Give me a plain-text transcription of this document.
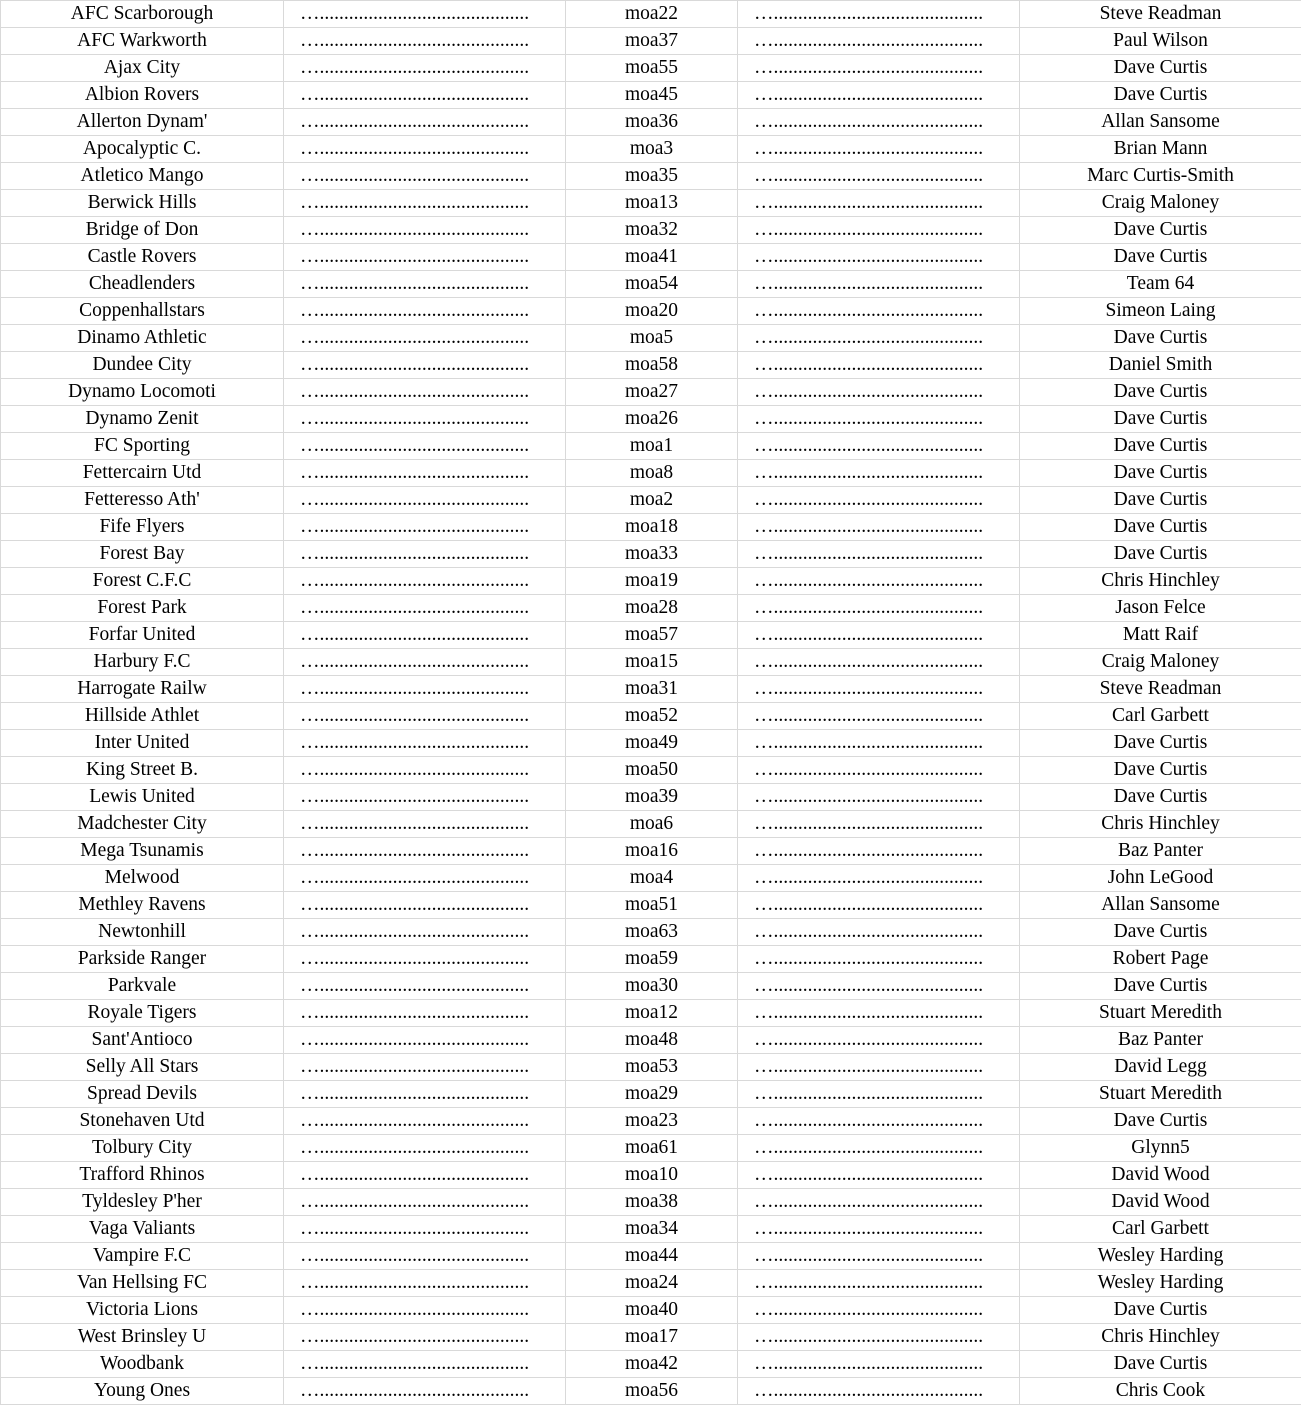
AFC Scarborough	…...........................................	moa22	…...........................................	Steve Readman
AFC Warkworth	…...........................................	moa37	…...........................................	Paul Wilson
Ajax City	…...........................................	moa55	…...........................................	Dave Curtis
Albion Rovers	…...........................................	moa45	…...........................................	Dave Curtis
Allerton Dynam'	…...........................................	moa36	…...........................................	Allan Sansome
Apocalyptic C.	…...........................................	moa3	…...........................................	Brian Mann
Atletico Mango	…...........................................	moa35	…...........................................	Marc Curtis-Smith
Berwick Hills	…...........................................	moa13	…...........................................	Craig Maloney
Bridge of Don	…...........................................	moa32	…...........................................	Dave Curtis
Castle Rovers	…...........................................	moa41	…...........................................	Dave Curtis
Cheadlenders	…...........................................	moa54	…...........................................	Team 64
Coppenhallstars	…...........................................	moa20	…...........................................	Simeon Laing
Dinamo Athletic	…...........................................	moa5	…...........................................	Dave Curtis
Dundee City	…...........................................	moa58	…...........................................	Daniel Smith
Dynamo Locomoti	…...........................................	moa27	…...........................................	Dave Curtis
Dynamo Zenit	…...........................................	moa26	…...........................................	Dave Curtis
FC Sporting	…...........................................	moa1	…...........................................	Dave Curtis
Fettercairn Utd	…...........................................	moa8	…...........................................	Dave Curtis
Fetteresso Ath'	…...........................................	moa2	…...........................................	Dave Curtis
Fife Flyers	…...........................................	moa18	…...........................................	Dave Curtis
Forest Bay	…...........................................	moa33	…...........................................	Dave Curtis
Forest C.F.C	…...........................................	moa19	…...........................................	Chris Hinchley
Forest Park	…...........................................	moa28	…...........................................	Jason Felce
Forfar United	…...........................................	moa57	…...........................................	Matt Raif
Harbury F.C	…...........................................	moa15	…...........................................	Craig Maloney
Harrogate Railw	…...........................................	moa31	…...........................................	Steve Readman
Hillside Athlet	…...........................................	moa52	…...........................................	Carl Garbett
Inter United	…...........................................	moa49	…...........................................	Dave Curtis
King Street B.	…...........................................	moa50	…...........................................	Dave Curtis
Lewis United	…...........................................	moa39	…...........................................	Dave Curtis
Madchester City	…...........................................	moa6	…...........................................	Chris Hinchley
Mega Tsunamis	…...........................................	moa16	…...........................................	Baz Panter
Melwood	…...........................................	moa4	…...........................................	John LeGood
Methley Ravens	…...........................................	moa51	…...........................................	Allan Sansome
Newtonhill	…...........................................	moa63	…...........................................	Dave Curtis
Parkside Ranger	…...........................................	moa59	…...........................................	Robert Page
Parkvale	…...........................................	moa30	…...........................................	Dave Curtis
Royale Tigers	…...........................................	moa12	…...........................................	Stuart Meredith
Sant'Antioco	…...........................................	moa48	…...........................................	Baz Panter
Selly All Stars	…...........................................	moa53	…...........................................	David Legg
Spread Devils	…...........................................	moa29	…...........................................	Stuart Meredith
Stonehaven Utd	…...........................................	moa23	…...........................................	Dave Curtis
Tolbury City	…...........................................	moa61	…...........................................	Glynn5
Trafford Rhinos	…...........................................	moa10	…...........................................	David Wood
Tyldesley P'her	…...........................................	moa38	…...........................................	David Wood
Vaga Valiants	…...........................................	moa34	…...........................................	Carl Garbett
Vampire F.C	…...........................................	moa44	…...........................................	Wesley Harding
Van Hellsing FC	…...........................................	moa24	…...........................................	Wesley Harding
Victoria Lions	…...........................................	moa40	…...........................................	Dave Curtis
West Brinsley U	…...........................................	moa17	…...........................................	Chris Hinchley
Woodbank	…...........................................	moa42	…...........................................	Dave Curtis
Young Ones	…...........................................	moa56	…...........................................	Chris Cook
